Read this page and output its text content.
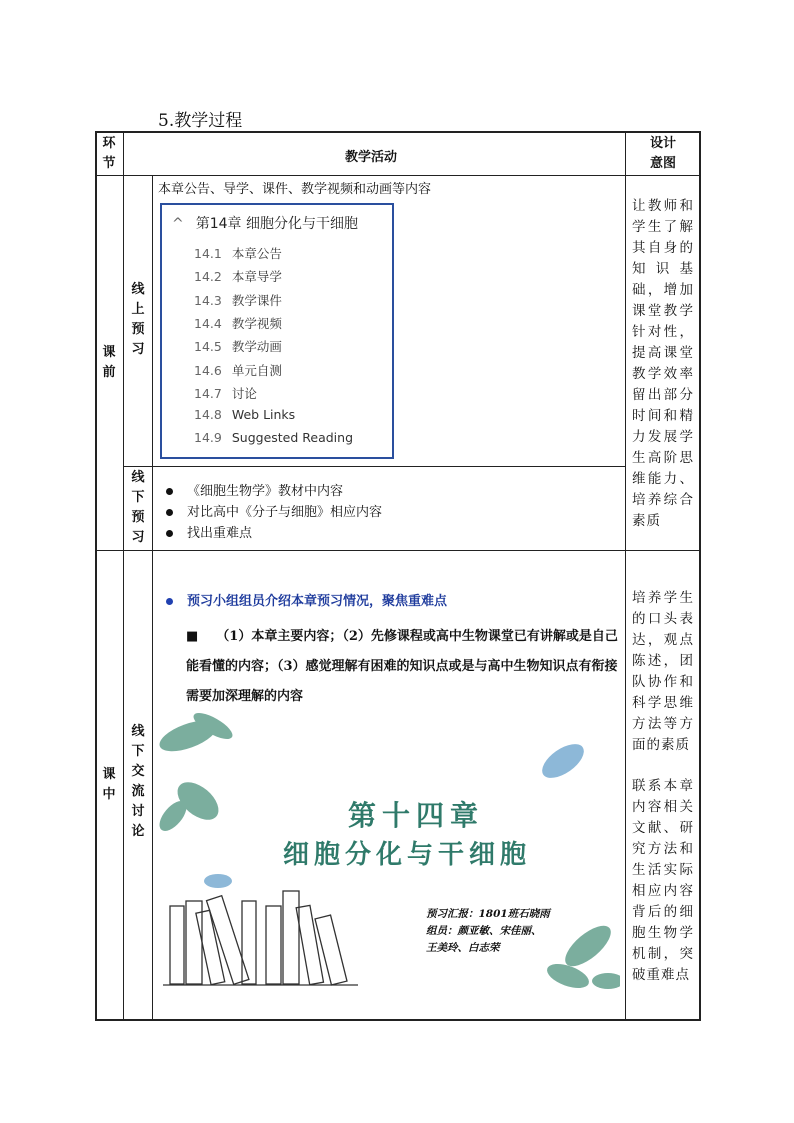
5.教学过程
环节	教学活动
设计意图
课前
线上预习
线下预习
本章公告、导学、课件、教学视频和动画等内容
^ 第14章 细胞分化与干细胞
14.1 本章公告
14.2 本章导学
14.3 教学课件
14.4 教学视频
14.5 教学动画
14.6 单元自测
14.7 讨论
14.8 Web Links
14.9 Suggested Reading
《细胞生物学》教材中内容
对比高中《分子与细胞》相应内容
找出重难点
让教师和学生了解其自身的知识基础，增加课堂教学针对性，提高课堂教学效率留出部分时间和精力发展学生高阶思维能力、培养综合素质
课中
线下交流讨论
预习小组组员介绍本章预习情况，聚焦重难点
■ （1）本章主要内容；（2）先修课程或高中生物课堂已有讲解或是自己能看懂的内容；（3）感觉理解有困难的知识点或是与高中生物知识点有衔接需要加深理解的内容
第十四章
细胞分化与干细胞
预习汇报：1801班石晓雨
组员：颜亚敏、宋佳丽、
王美玲、白志荣
培养学生的口头表达，观点陈述，团队协作和科学思维方法等方面的素质
联系本章内容相关文献、研究方法和生活实际相应内容背后的细胞生物学机制，突破重难点
